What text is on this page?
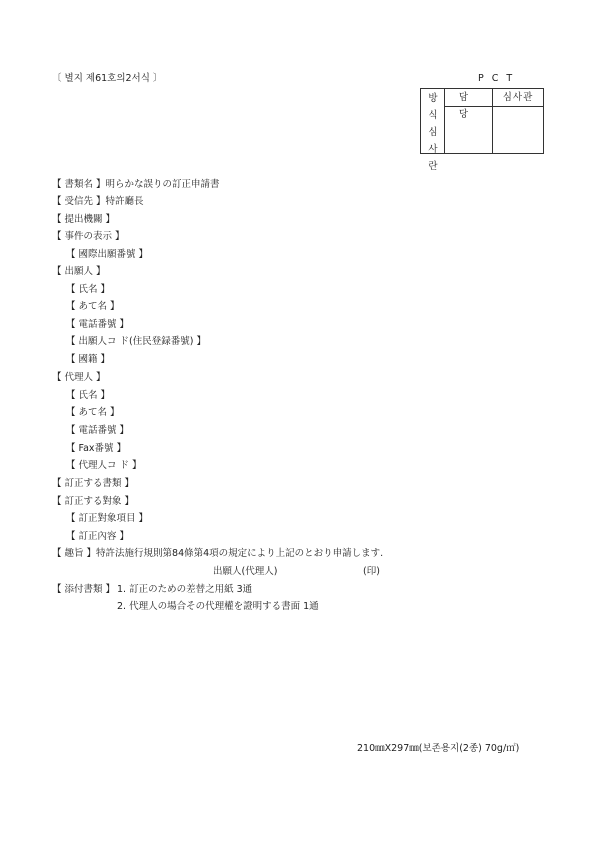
〔 별지 제61호의2서식 〕	PCT
방
식
심
사
란
담 당
심사관
【 書類名 】明らかな誤りの訂正申請書
【 受信先 】特許廳長
【 提出機關 】
【 事件の表示 】
【 國際出願番號 】
【 出願人 】
【 氏名 】
【 あて名 】
【 電話番號 】
【 出願人コ ド(住民登録番號) 】
【 國籍 】
【 代理人 】
【 氏名 】
【 あて名 】
【 電話番號 】
【 Fax番號 】
【 代理人コ ド 】
【 訂正する書類 】
【 訂正する對象 】
【 訂正對象項目 】
【 訂正內容 】
【 趣旨 】特許法施行規則第84條第4項の規定により上記のとおり申請します.
出願人(代理人)	(印)
【 添付書類 】 1. 訂正のための差替之用紙 3通
2. 代理人の場合その代理權を證明する書面 1通
210㎜X297㎜(보존용지(2종) 70g/㎡)
